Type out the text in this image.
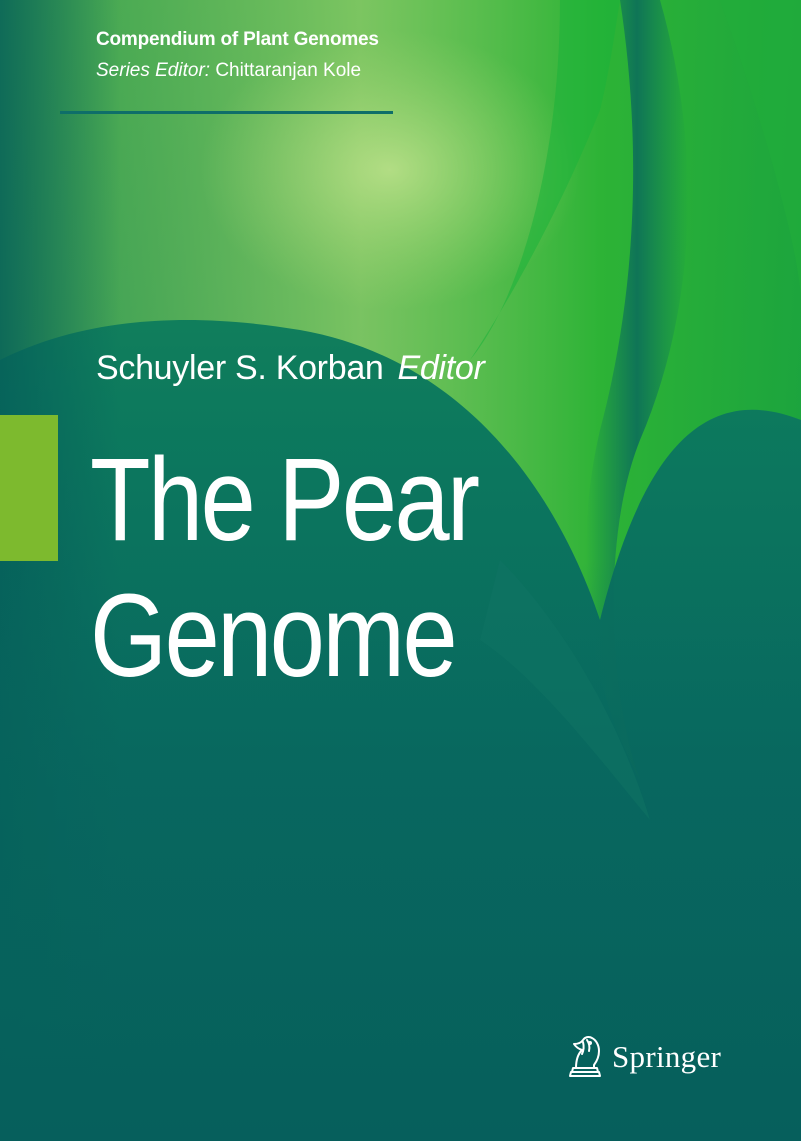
Compendium of Plant Genomes
Series Editor: Chittaranjan Kole
Schuyler S. Korban Editor
The Pear
Genome
Springer
